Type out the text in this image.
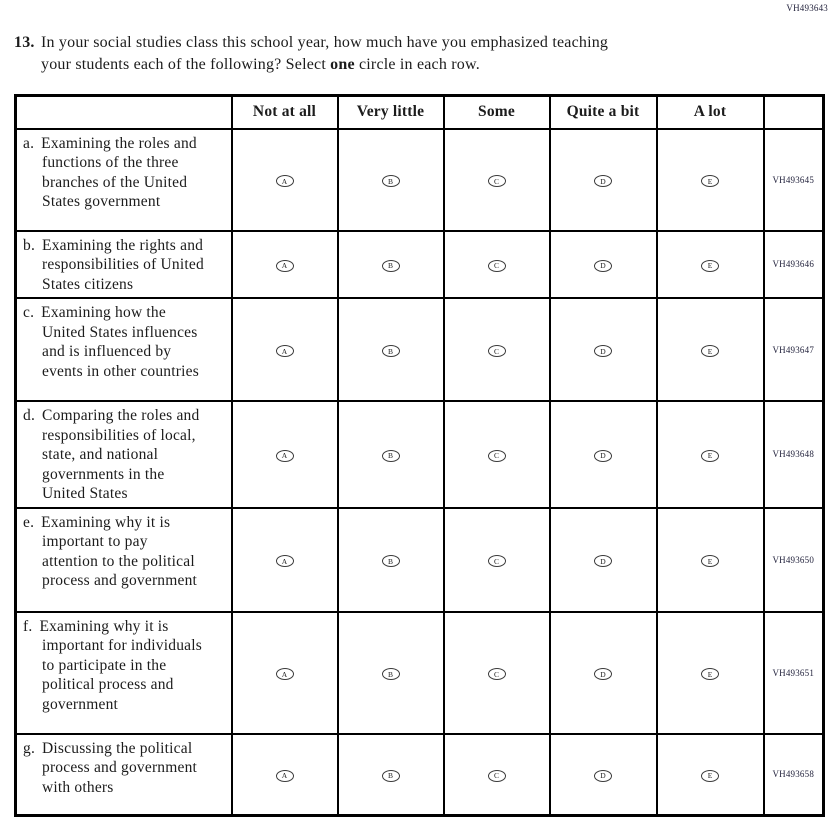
VH493643
13. In your social studies class this school year, how much have you emphasized teaching
your students each of the following? Select one circle in each row.
	Not at all	Very little	Some	Quite a bit	A lot	
a. Examining the roles and functions of the three branches of the United States government	A	B	C	D	E	VH493645
b. Examining the rights and responsibilities of United States citizens	A	B	C	D	E	VH493646
c. Examining how the United States influences and is influenced by events in other countries	A	B	C	D	E	VH493647
d. Comparing the roles and responsibilities of local, state, and national governments in the United States	A	B	C	D	E	VH493648
e. Examining why it is important to pay attention to the political process and government	A	B	C	D	E	VH493650
f. Examining why it is important for individuals to participate in the political process and government	A	B	C	D	E	VH493651
g. Discussing the political process and government with others	A	B	C	D	E	VH493658
